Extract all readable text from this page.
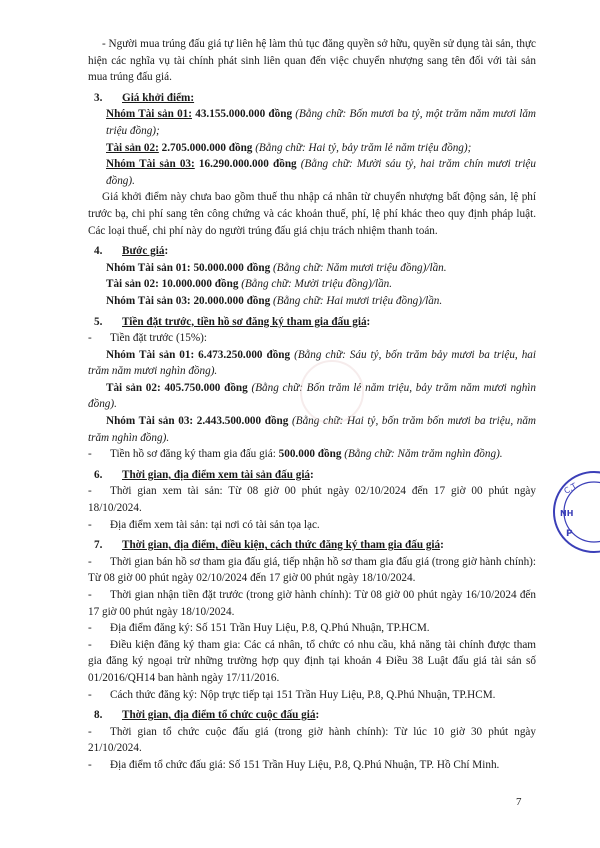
- Người mua trúng đấu giá tự liên hệ làm thủ tục đăng quyền sở hữu, quyền sử dụng tài sản, thực hiện các nghĩa vụ tài chính phát sinh liên quan đến việc chuyển nhượng sang tên đối với tài sản mua trúng đấu giá.

3. Giá khởi điểm:

Nhóm Tài sản 01: 43.155.000.000 đồng (Bằng chữ: Bốn mươi ba tỷ, một trăm năm mươi lăm triệu đồng);

Tài sản 02: 2.705.000.000 đồng (Bằng chữ: Hai tỷ, bảy trăm lẻ năm triệu đồng);

Nhóm Tài sản 03: 16.290.000.000 đồng (Bằng chữ: Mười sáu tỷ, hai trăm chín mươi triệu đồng).

Giá khởi điểm này chưa bao gồm thuế thu nhập cá nhân từ chuyển nhượng bất động sản, lệ phí trước bạ, chi phí sang tên công chứng và các khoản thuế, phí, lệ phí khác theo quy định pháp luật. Các loại thuế, chi phí này do người trúng đấu giá chịu trách nhiệm thanh toán.

4. Bước giá:

Nhóm Tài sản 01: 50.000.000 đồng (Bằng chữ: Năm mươi triệu đồng)/lần.

Tài sản 02: 10.000.000 đồng (Bằng chữ: Mười triệu đồng)/lần.

Nhóm Tài sản 03: 20.000.000 đồng (Bằng chữ: Hai mươi triệu đồng)/lần.

5. Tiền đặt trước, tiền hồ sơ đăng ký tham gia đấu giá:

- Tiền đặt trước (15%):

Nhóm Tài sản 01: 6.473.250.000 đồng (Bằng chữ: Sáu tỷ, bốn trăm bảy mươi ba triệu, hai trăm năm mươi nghìn đồng).

Tài sản 02: 405.750.000 đồng (Bằng chữ: Bốn trăm lẻ năm triệu, bảy trăm năm mươi nghìn đồng).

Nhóm Tài sản 03: 2.443.500.000 đồng (Bằng chữ: Hai tỷ, bốn trăm bốn mươi ba triệu, năm trăm nghìn đồng).

- Tiền hồ sơ đăng ký tham gia đấu giá: 500.000 đồng (Bằng chữ: Năm trăm nghìn đồng).

6. Thời gian, địa điểm xem tài sản đấu giá:

- Thời gian xem tài sản: Từ 08 giờ 00 phút ngày 02/10/2024 đến 17 giờ 00 phút ngày 18/10/2024.

- Địa điểm xem tài sản: tại nơi có tài sản tọa lạc.

7. Thời gian, địa điểm, điều kiện, cách thức đăng ký tham gia đấu giá:

- Thời gian bán hồ sơ tham gia đấu giá, tiếp nhận hồ sơ tham gia đấu giá (trong giờ hành chính): Từ 08 giờ 00 phút ngày 02/10/2024 đến 17 giờ 00 phút ngày 18/10/2024.

- Thời gian nhận tiền đặt trước (trong giờ hành chính): Từ 08 giờ 00 phút ngày 16/10/2024 đến 17 giờ 00 phút ngày 18/10/2024.

- Địa điểm đăng ký: Số 151 Trần Huy Liệu, P.8, Q.Phú Nhuận, TP.HCM.

- Điều kiện đăng ký tham gia: Các cá nhân, tổ chức có nhu cầu, khả năng tài chính được tham gia đăng ký ngoại trừ những trường hợp quy định tại khoản 4 Điều 38 Luật đấu giá tài sản số 01/2016/QH14 ban hành ngày 17/11/2016.

- Cách thức đăng ký: Nộp trực tiếp tại 151 Trần Huy Liệu, P.8, Q.Phú Nhuận, TP.HCM.

8. Thời gian, địa điểm tổ chức cuộc đấu giá:

- Thời gian tổ chức cuộc đấu giá (trong giờ hành chính): Từ lúc 10 giờ 30 phút ngày 21/10/2024.

- Địa điểm tổ chức đấu giá: Số 151 Trần Huy Liệu, P.8, Q.Phú Nhuận, TP. Hồ Chí Minh.

C.T.
NH
P
7
